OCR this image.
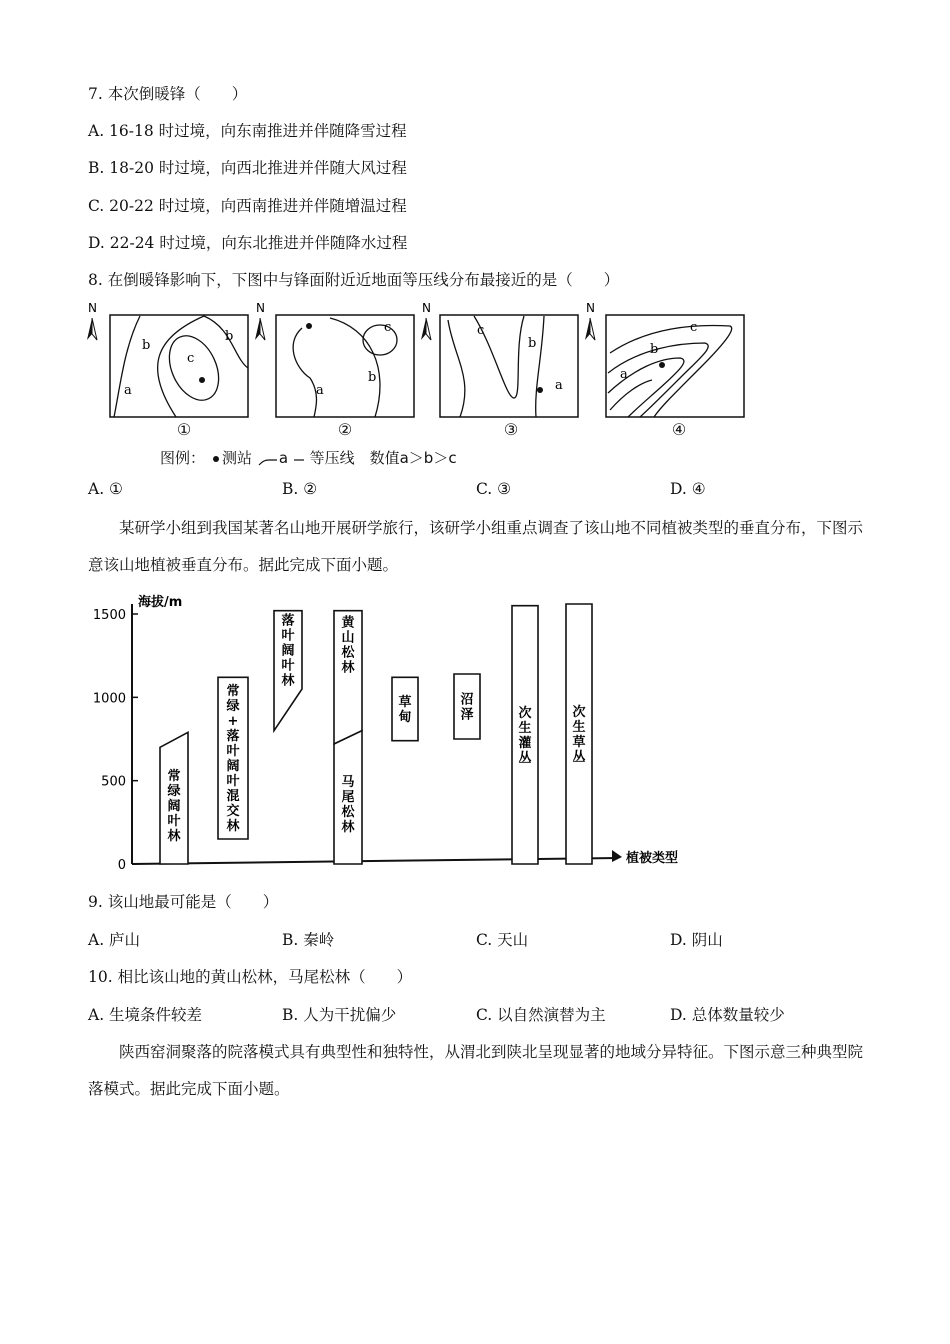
7. 本次倒暖锋（　　）
A. 16-18 时过境，向东南推进并伴随降雪过程
B. 18-20 时过境，向西北推进并伴随大风过程
C. 20-22 时过境，向西南推进并伴随增温过程
D. 22-24 时过境，向东北推进并伴随降水过程
8. 在倒暖锋影响下，下图中与锋面附近近地面等压线分布最接近的是（　　）
N
b
c
a
b
①
N
c
b
a
②
N
c
b
a
③
N
c
b
a
④
图例： 测站 a 等压线　 数值a＞b＞c
A. ①	B. ②	C. ③	D. ④
某研学小组到我国某著名山地开展研学旅行，该研学小组重点调查了该山地不同植被类型的垂直分布，下图示意该山地植被垂直分布。据此完成下面小题。
海拔/m
植被类型
0
500
1000
1500
常绿阔叶林
常绿+落叶阔叶混交林
落叶阔叶林
黄山松林
马尾松林
草甸
沼泽	次生灌丛
次生草丛
9. 该山地最可能是（　　）
A. 庐山	B. 秦岭	C. 天山	D. 阴山
10. 相比该山地的黄山松林，马尾松林（　　）
A. 生境条件较差	B. 人为干扰偏少	C. 以自然演替为主	D. 总体数量较少
陕西窑洞聚落的院落模式具有典型性和独特性，从渭北到陕北呈现显著的地域分异特征。下图示意三种典型院落模式。据此完成下面小题。
